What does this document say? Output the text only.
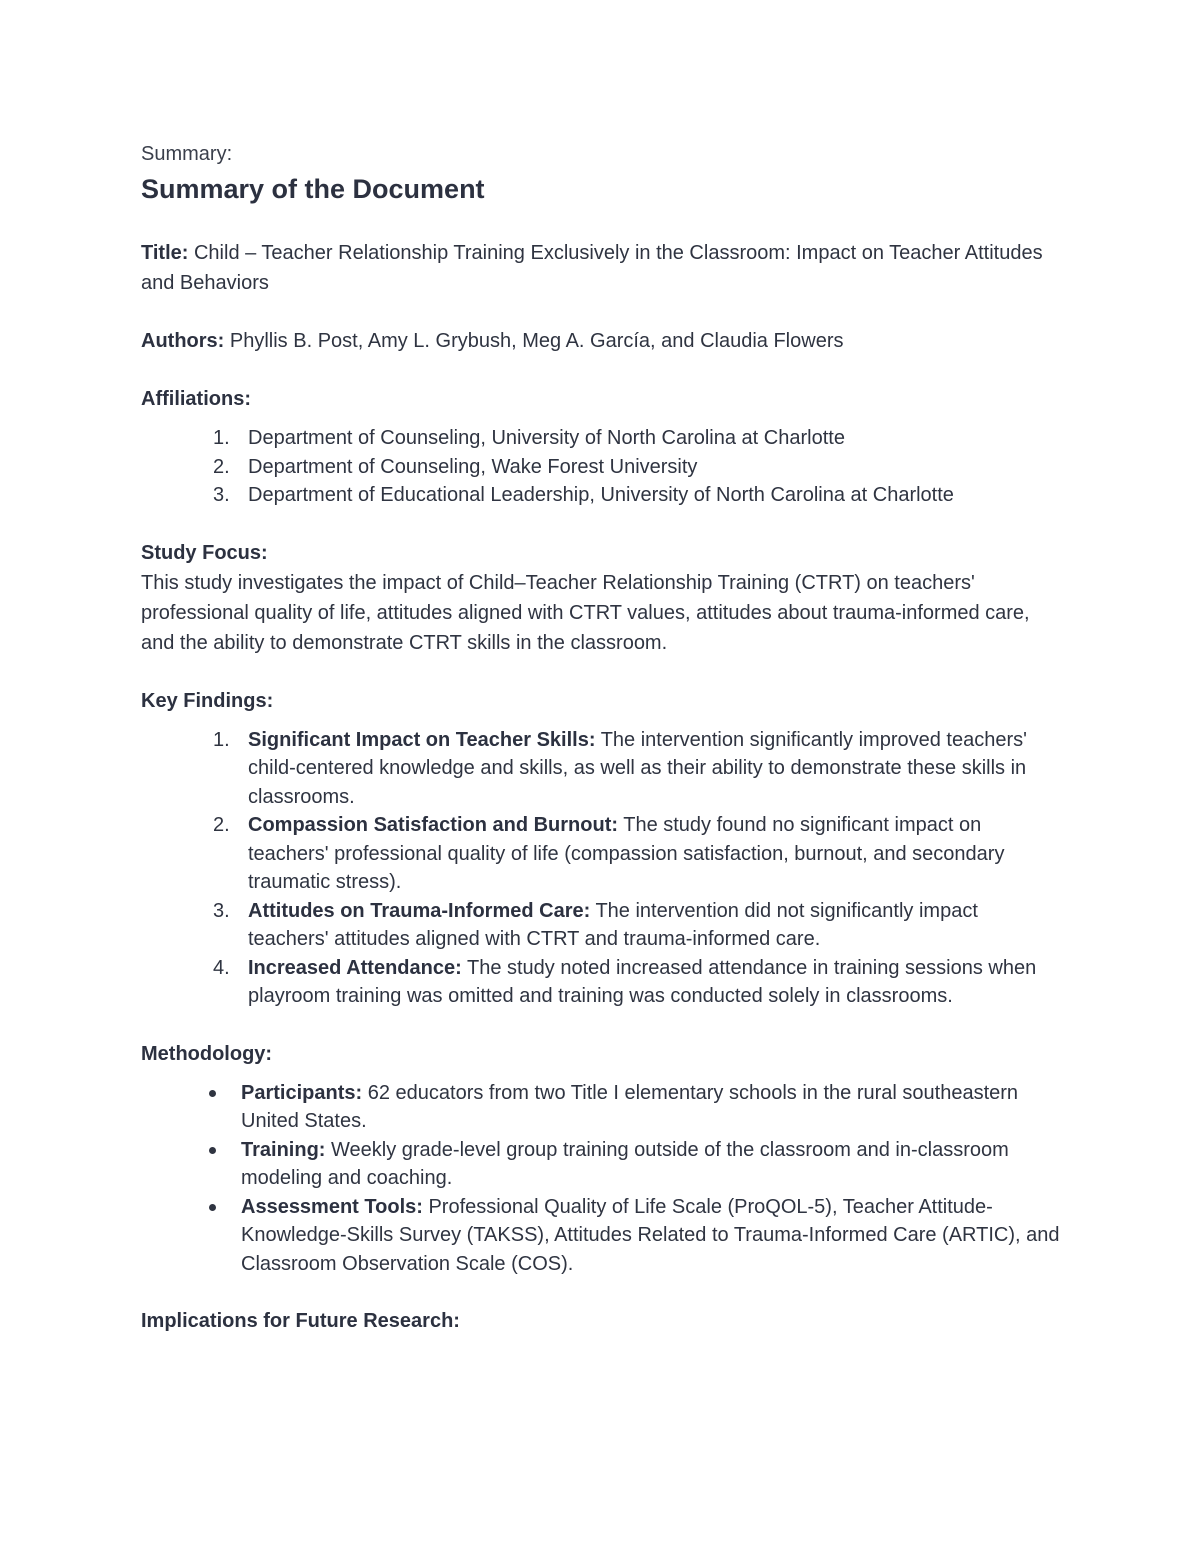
Summary:
Summary of the Document

Title: Child – Teacher Relationship Training Exclusively in the Classroom: Impact on Teacher Attitudes and Behaviors

Authors: Phyllis B. Post, Amy L. Grybush, Meg A. García, and Claudia Flowers

Affiliations:
1. Department of Counseling, University of North Carolina at Charlotte
2. Department of Counseling, Wake Forest University
3. Department of Educational Leadership, University of North Carolina at Charlotte
Study Focus:

This study investigates the impact of Child–Teacher Relationship Training (CTRT) on teachers' professional quality of life, attitudes aligned with CTRT values, attitudes about trauma-informed care, and the ability to demonstrate CTRT skills in the classroom.

Key Findings:
1. Significant Impact on Teacher Skills: The intervention significantly improved teachers' child-centered knowledge and skills, as well as their ability to demonstrate these skills in classrooms.
2. Compassion Satisfaction and Burnout: The study found no significant impact on teachers' professional quality of life (compassion satisfaction, burnout, and secondary traumatic stress).
3. Attitudes on Trauma-Informed Care: The intervention did not significantly impact teachers' attitudes aligned with CTRT and trauma-informed care.
4. Increased Attendance: The study noted increased attendance in training sessions when playroom training was omitted and training was conducted solely in classrooms.
Methodology:
Participants: 62 educators from two Title I elementary schools in the rural southeastern United States.
Training: Weekly grade-level group training outside of the classroom and in-classroom modeling and coaching.
Assessment Tools: Professional Quality of Life Scale (ProQOL-5), Teacher Attitude-Knowledge-Skills Survey (TAKSS), Attitudes Related to Trauma-Informed Care (ARTIC), and Classroom Observation Scale (COS).
Implications for Future Research:
